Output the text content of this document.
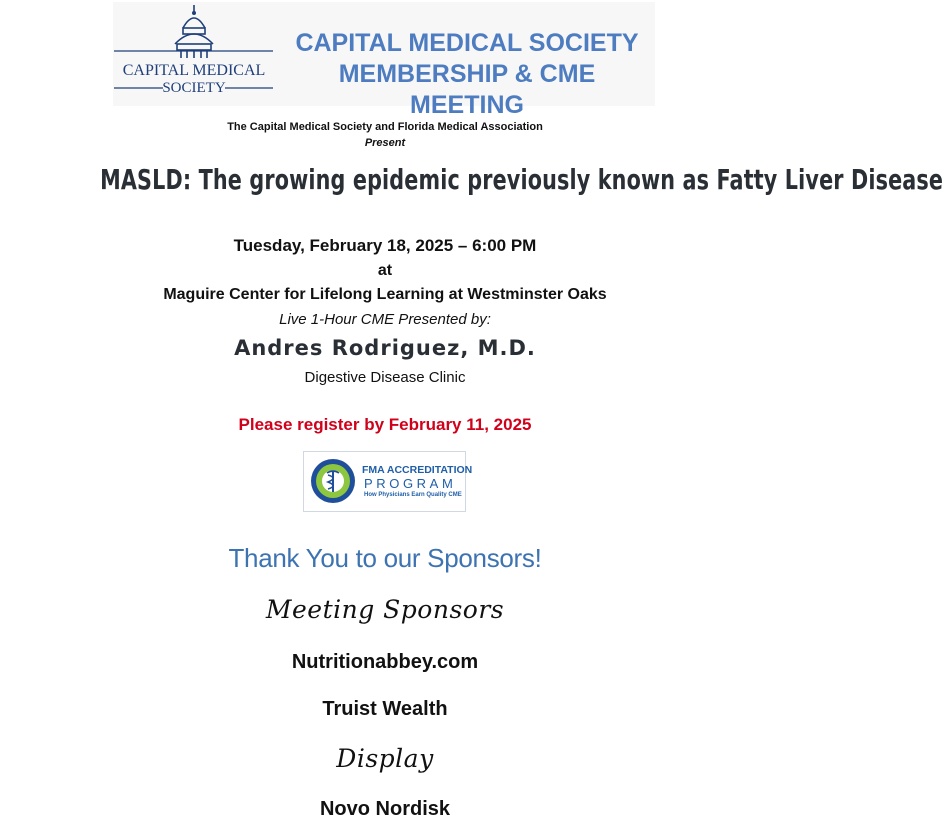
CAPITAL MEDICAL
SOCIETY
CAPITAL MEDICAL SOCIETY
MEMBERSHIP & CME MEETING
The Capital Medical Society and Florida Medical Association
Present
MASLD: The growing epidemic previously known as Fatty Liver Disease
Tuesday, February 18, 2025 – 6:00 PM
at
Maguire Center for Lifelong Learning at Westminster Oaks
Live 1-Hour CME Presented by:
Andres Rodriguez, M.D.
Digestive Disease Clinic
Please register by February 11, 2025
FMA ACCREDITATION
PROGRAM
How Physicians Earn Quality CME
Thank You to our Sponsors!
Meeting Sponsors
Nutritionabbey.com
Truist Wealth
Display
Novo Nordisk
